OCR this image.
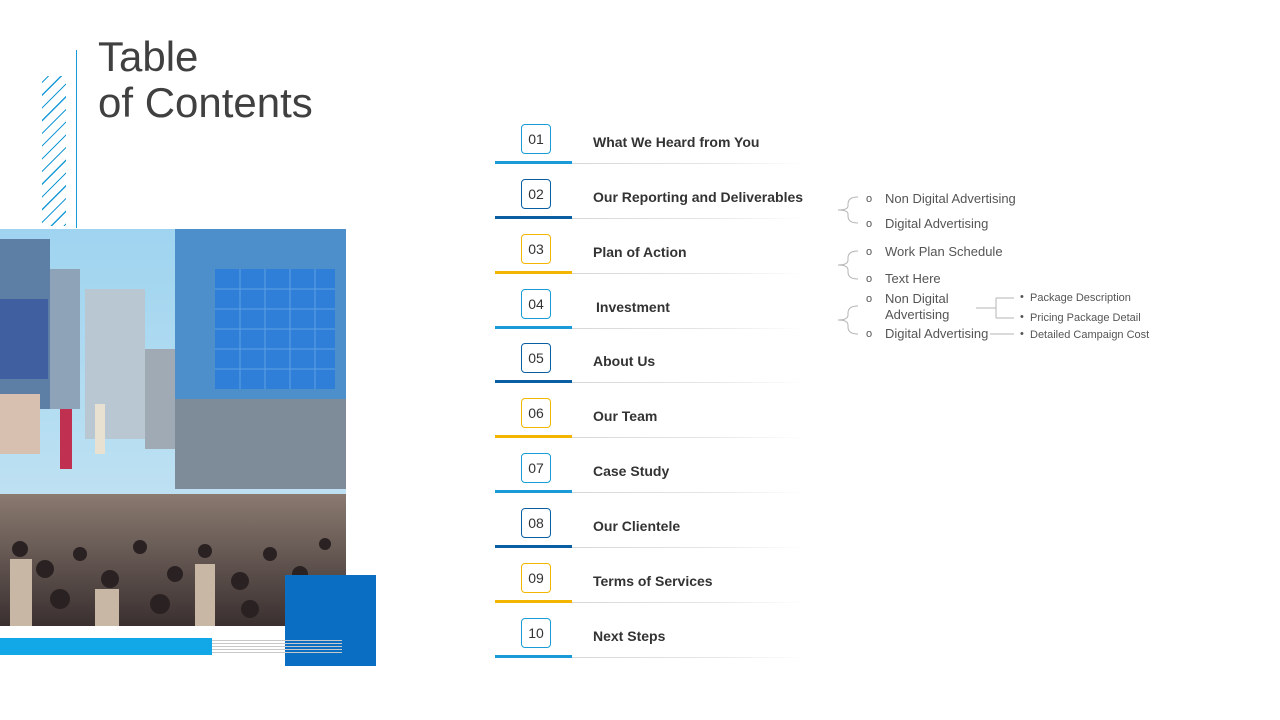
Table
of Contents
01	What We Heard from You
02	Our Reporting and Deliverables
03	Plan of Action
04	Investment
05	About Us
06	Our Team
07	Case Study
08	Our Clientele
09	Terms of Services
10	Next Steps
o Non Digital Advertising
o Digital Advertising
o Work Plan Schedule
o Text Here
o Non Digital Advertising
o Digital Advertising
• Package Description
• Pricing Package Detail
• Detailed Campaign Cost
